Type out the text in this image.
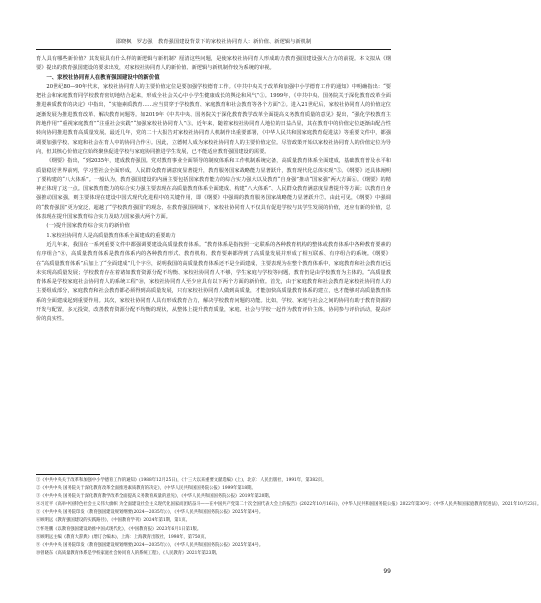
邵晓枫　罗志强　教育强国建设背景下的家校社协同育人：新价值、新逻辑与新机制

育人具有哪些新价值？其发展具有什么样的新逻辑与新机制？厘清这些问题，是使家校社协同育人形成助力教育强国建设强大合力的前提。本文拟从《纲要》提出的教育强国建设的要求出发，对家校社协同育人的新价值、新逻辑与新机制作较为系统的审视。

一、家校社协同育人在教育强国建设中的新价值

20世纪80—90年代末，家校社协同育人的主要价值定位是要加强学校德育工作。《中共中央关于改革和加强中小学德育工作的通知》中明确指出：“要把社会和家庭教育同学校教育密切地结合起来，形成全社会关心中小学生健康成长的舆论和风气”①。1999年，《中共中央、国务院关于深化教育改革全面推进素质教育的决定》中指出，“实施素质教育……应当贯穿于学校教育、家庭教育和社会教育等各个方面”②。进入21世纪后，家校社协同育人的价值定位逐渐发展为推进教育改革、解决教育问题等。如2019年《中共中央、国务院关于深化教育教学改革全面提高义务教育质量的意见》提出，“强化学校教育主阵地作用”“重视家庭教育”“注重社会实践”“加强家校社协同育人”③。近年来，随着家校社协同育人地位的日益凸显，其在教育中的价值定位逐渐由配合性转向协同推进教育高质量发展。最近几年，党的二十大报告对家校社协同育人机制作出重要部署，《中华人民共和国家庭教育促进法》等重要文件中，都强调要加强学校、家庭和社会在育人中的协同合作④。因此，立德树人成为家校社协同育人的主要价值定位。尽管政策开始以家校社协同育人的价值定位为导向，但其核心价值定位始终聚焦促进学校与家庭协同推进学生发展，已不能适应教育强国建设的需要。

《纲要》指出，“到2035年，建成教育强国。党对教育事业全面领导的制度体系和工作机制系统完备，高质量教育体系全面建成，基础教育普及水平和质量稳居世界前列，学习型社会全面形成，人民群众教育满意度显著提升，教育服务国家战略能力显著跃升，教育现代化总体实现”⑤。《纲要》还具体阐明了要构建的“八大体系”。一般认为，教育强国建设的内涵主要包括国家教育能力的综合实力强大以及教育“自身强”推动“国家强”两大方面⑥。《纲要》的精神正体现了这一点。国家教育能力的综合实力强主要表现在高质量教育体系全面建成、构建“八大体系”、人民群众教育满意度显著提升等方面；以教育自身强推动国家强，则主要体现在建设中国式现代化进程中的关键作用，即《纲要》中强调的教育服务国家战略能力显著跃升⑦。由此可见，《纲要》中强调的“教育强国”更为宽泛，超越了“学校教育强国”的观念，在教育强国视域下，家校社协同育人不仅具有促进学校与其学生发展的价值，还应有新的价值，总体表现在提升国家教育综合实力及助力国家强大两个方面。

(一)提升国家教育综合实力的新价值

1.家校社协同育人是高质量教育体系全面建成的重要助力

近几年来，我国在一系列重要文件中都强调要建设高质量教育体系。“教育体系是指按照一定联系的各种教育机构的整体或教育体系中各种教育要素的有序组合”⑧，高质量教育体系是教育体系内的各种教育形式、教育机构、教育要素都得到了高质量发展并形成了相互联系、有序组合的系统。《纲要》在“高质量教育体系”后加上了“全面建成”几个字⑨，说明我国的高质量教育体系还不是全面建成，主要表现为在整个教育体系中，家庭教育和社会教育还远未实现高质量发展；学校教育存在着诸如教育资源分配不均衡、家校社协同育人不够，学生家庭与学校等问题，教育仍是由学校教育为主体的。“高质量教育体系是学校家庭社会协同育人的系统工程”⑩，家校社协同育人至少应具有以下两个方面的新价值。首先，由于家庭教育和社会教育是家校社协同育人的主要组成部分，家庭教育和社会教育都必须得到高质量发展，只有家校社协同育人做到高质量，才能加快高质量教育体系的建立，也才能够对高质量教育体系的全面建成起到重要作用。其次，家校社协同育人具有形成教育合力，解决学校教育问题的功能。比如，学校、家庭与社会之间的协同有助于教育资源的开发与配置，多元投资，改善教育资源分配不均衡的现状，从整体上提升教育质量，家庭、社会与学校一起作为教育评价主体，协同参与评价活动，提高评价的真实性。

①《中共中央关于改革和加强中小学德育工作的通知》(1988年12月25日)，《十三大以来重要文献选编》(上)，北京：人民出版社，1991年，第382页。

②《中共中央 国务院关于深化教育改革全面推进素质教育的决定》，《中华人民共和国国务院公报》1999年第18期。

③《中共中央 国务院关于深化教育教学改革全面提高义务教育质量的意见》，《中华人民共和国国务院公报》2019年第20期。

④习近平《高举中国特色社会主义伟大旗帜 为全面建设社会主义现代化国家而团结奋斗——在中国共产党第二十次全国代表大会上的报告》(2022年10月16日)，《中华人民共和国国务院公报》2022年第30号；《中华人民共和国家庭教育促进法》，2021年10月23日。

⑤《中共中央 国务院印发〈教育强国建设规划纲要(2024—2035年)〉》，《中华人民共和国国务院公报》2025年第4号。

⑥顾明远《教育强国建设的实践路径》，《中国教育学刊》2024年第1期，第1页。

⑦怀进鹏《以教育强国建设助推中国式现代化》，《中国教育报》2023年6月1日第1版。

⑧顾明远主编《教育大辞典》(增订合编本)，上海：上海教育出版社，1998年，第750页。

⑨《中共中央 国务院印发〈教育强国建设规划纲要(2024—2035年)〉》，《中华人民共和国国务院公报》2025年第4号。

⑩曾晓东《高质量教育体系是学校家庭社会协同育人的系统工程》，《人民教育》2021年第23期。

99
